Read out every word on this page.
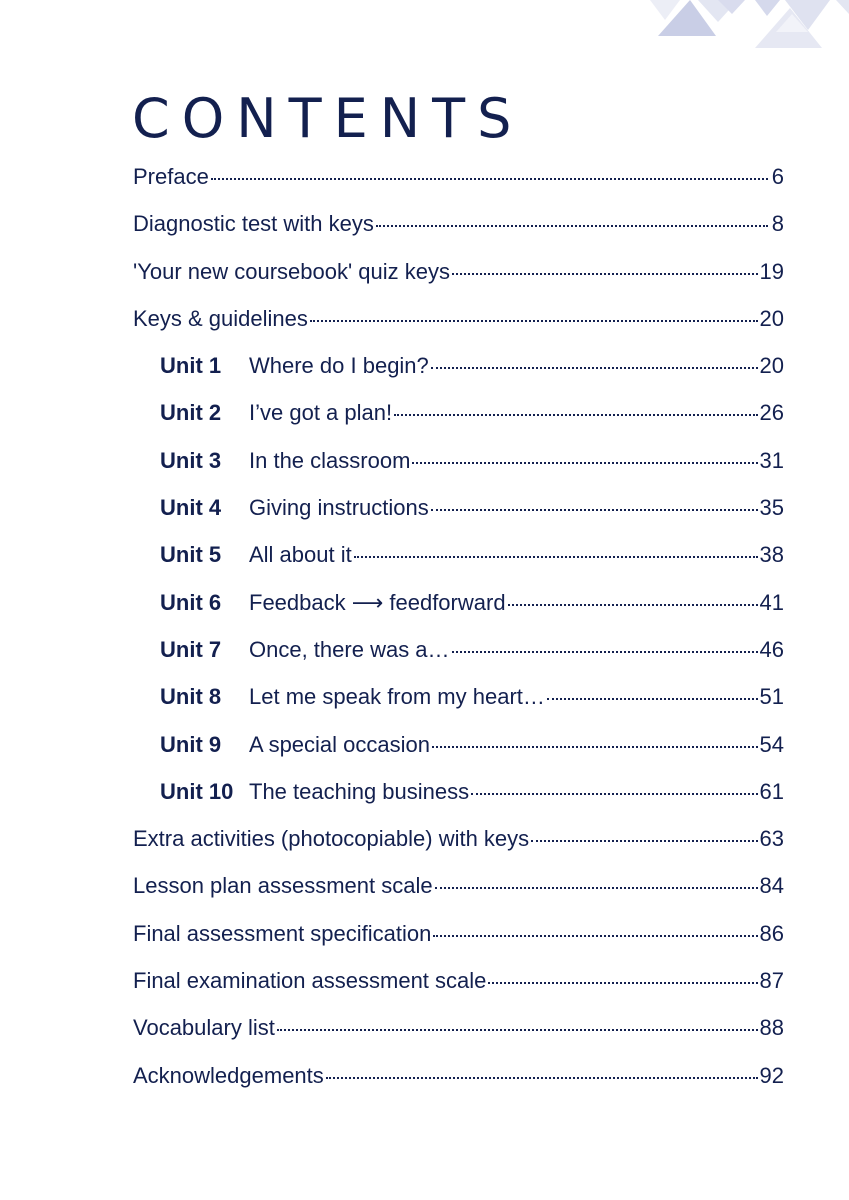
CONTENTS
Preface	6
Diagnostic test with keys	8
'Your new coursebook' quiz keys	19
Keys & guidelines	20
Unit 1	Where do I begin?	20
Unit 2	I’ve got a plan!	26
Unit 3	In the classroom	31
Unit 4	Giving instructions	35
Unit 5	All about it	38
Unit 6	Feedback ⟶ feedforward	41
Unit 7	Once, there was a…	46
Unit 8	Let me speak from my heart…	51
Unit 9	A special occasion	54
Unit 10 The teaching business	61
Extra activities (photocopiable) with keys	63
Lesson plan assessment scale	84
Final assessment specification	86
Final examination assessment scale	87
Vocabulary list	88
Acknowledgements	92
